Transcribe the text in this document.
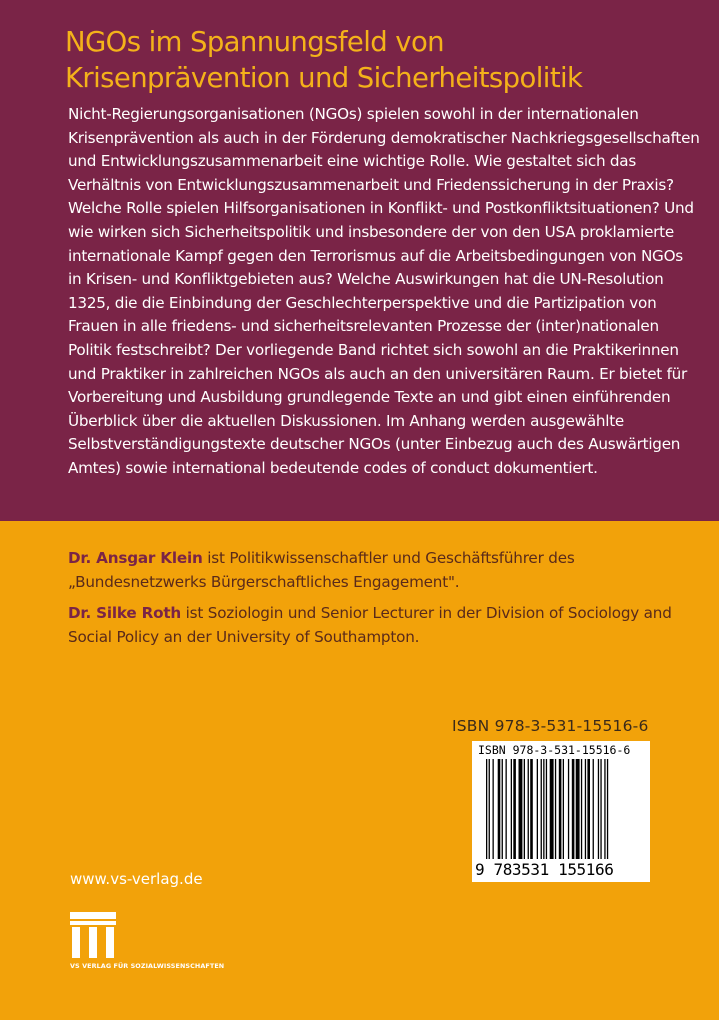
NGOs im Spannungsfeld von
Krisenprävention und Sicherheitspolitik

Nicht-Regierungsorganisationen (NGOs) spielen sowohl in der internationalen Krisenprävention als auch in der Förderung demokratischer Nachkriegsgesellschaften und Entwicklungszusammenarbeit eine wichtige Rolle. Wie gestaltet sich das Verhältnis von Entwicklungszusammenarbeit und Friedenssicherung in der Praxis? Welche Rolle spielen Hilfsorganisationen in Konflikt- und Postkonfliktsituationen? Und wie wirken sich Sicherheitspolitik und insbesondere der von den USA proklamierte internationale Kampf gegen den Terrorismus auf die Arbeitsbedingungen von NGOs in Krisen- und Konfliktgebieten aus? Welche Auswirkungen hat die UN-Resolution 1325, die die Einbindung der Geschlechterperspektive und die Partizipation von Frauen in alle friedens- und sicherheitsrelevanten Prozesse der (inter)nationalen Politik festschreibt? Der vorliegende Band richtet sich sowohl an die Praktikerinnen und Praktiker in zahlreichen NGOs als auch an den universitären Raum. Er bietet für Vorbereitung und Ausbildung grundlegende Texte an und gibt einen einführenden Überblick über die aktuellen Diskussionen. Im Anhang werden ausgewählte Selbstverständigungstexte deutscher NGOs (unter Einbezug auch des Auswärtigen Amtes) sowie international bedeutende codes of conduct dokumentiert.

Dr. Ansgar Klein ist Politikwissenschaftler und Geschäftsführer des „Bundesnetzwerks Bürgerschaftliches Engagement".

Dr. Silke Roth ist Soziologin und Senior Lecturer in der Division of Sociology and Social Policy an der University of Southampton.

ISBN 978-3-531-15516-6
ISBN 978-3-531-15516-6
9 783531 155166
www.vs-verlag.de
VS VERLAG FÜR SOZIALWISSENSCHAFTEN
